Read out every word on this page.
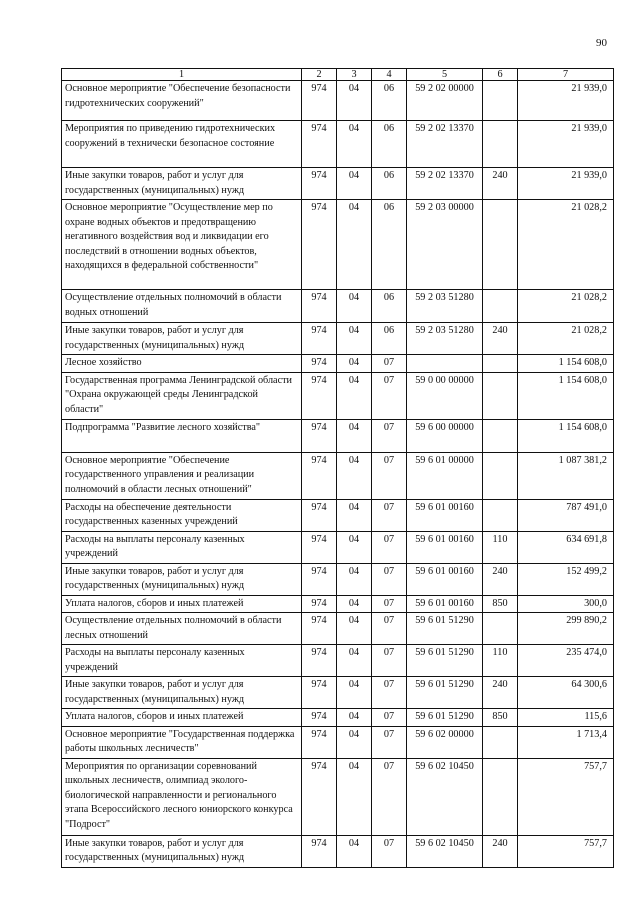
90
1	2	3	4	5	6	7
Основное мероприятие "Обеспечение безопасности гидротехнических сооружений"	974	04	06	59 2 02 00000		21 939,0
Мероприятия по приведению гидротехнических сооружений в технически безопасное состояние	974	04	06	59 2 02 13370		21 939,0
Иные закупки товаров, работ и услуг для государственных (муниципальных) нужд	974	04	06	59 2 02 13370	240	21 939,0
Основное мероприятие "Осуществление мер по охране водных объектов и предотвращению негативного воздействия вод и ликвидации его последствий в отношении водных объектов, находящихся в федеральной собственности"	974	04	06	59 2 03 00000		21 028,2
Осуществление отдельных полномочий в области водных отношений	974	04	06	59 2 03 51280		21 028,2
Иные закупки товаров, работ и услуг для государственных (муниципальных) нужд	974	04	06	59 2 03 51280	240	21 028,2
Лесное хозяйство	974	04	07			1 154 608,0
Государственная программа Ленинградской области "Охрана окружающей среды Ленинградской области"	974	04	07	59 0 00 00000		1 154 608,0
Подпрограмма "Развитие лесного хозяйства"	974	04	07	59 6 00 00000		1 154 608,0
Основное мероприятие "Обеспечение государственного управления и реализации полномочий в области лесных отношений"	974	04	07	59 6 01 00000		1 087 381,2
Расходы на обеспечение деятельности государственных казенных учреждений	974	04	07	59 6 01 00160		787 491,0
Расходы на выплаты персоналу казенных учреждений	974	04	07	59 6 01 00160	110	634 691,8
Иные закупки товаров, работ и услуг для государственных (муниципальных) нужд	974	04	07	59 6 01 00160	240	152 499,2
Уплата налогов, сборов и иных платежей	974	04	07	59 6 01 00160	850	300,0
Осуществление отдельных полномочий в области лесных отношений	974	04	07	59 6 01 51290		299 890,2
Расходы на выплаты персоналу казенных учреждений	974	04	07	59 6 01 51290	110	235 474,0
Иные закупки товаров, работ и услуг для государственных (муниципальных) нужд	974	04	07	59 6 01 51290	240	64 300,6
Уплата налогов, сборов и иных платежей	974	04	07	59 6 01 51290	850	115,6
Основное мероприятие "Государственная поддержка работы школьных лесничеств"	974	04	07	59 6 02 00000		1 713,4
Мероприятия по организации соревнований школьных лесничеств, олимпиад эколого-биологической направленности и регионального этапа Всероссийского лесного юниорского конкурса "Подрост"	974	04	07	59 6 02 10450		757,7
Иные закупки товаров, работ и услуг для государственных (муниципальных) нужд	974	04	07	59 6 02 10450	240	757,7
